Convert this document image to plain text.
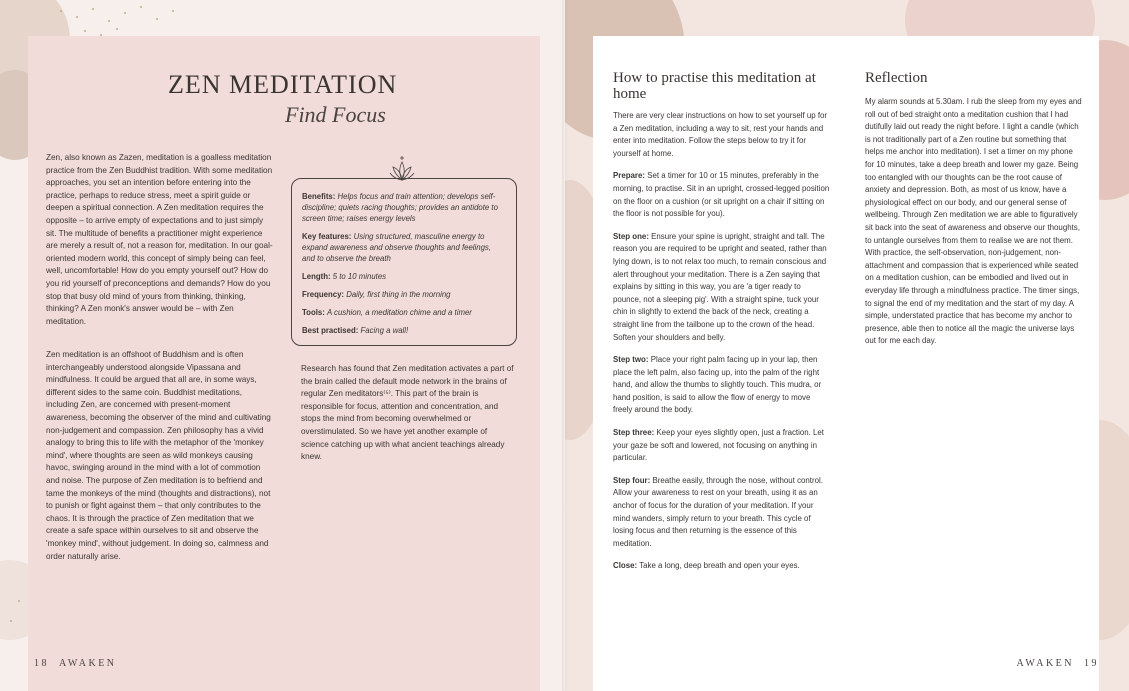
ZEN MEDITATION
Find Focus

Zen, also known as Zazen, meditation is a goalless meditation practice from the Zen Buddhist tradition. With some meditation approaches, you set an intention before entering into the practice, perhaps to reduce stress, meet a spirit guide or deepen a spiritual connection. A Zen meditation requires the opposite – to arrive empty of expectations and to just simply sit. The multitude of benefits a practitioner might experience are merely a result of, not a reason for, meditation. In our goal-oriented modern world, this concept of simply being can feel, well, uncomfortable! How do you empty yourself out? How do you rid yourself of preconceptions and demands? How do you stop that busy old mind of yours from thinking, thinking, thinking? A Zen monk's answer would be – with Zen meditation.

Zen meditation is an offshoot of Buddhism and is often interchangeably understood alongside Vipassana and mindfulness. It could be argued that all are, in some ways, different sides to the same coin. Buddhist meditations, including Zen, are concerned with present-moment awareness, becoming the observer of the mind and cultivating non-judgement and compassion. Zen philosophy has a vivid analogy to bring this to life with the metaphor of the 'monkey mind', where thoughts are seen as wild monkeys causing havoc, swinging around in the mind with a lot of commotion and noise. The purpose of Zen meditation is to befriend and tame the monkeys of the mind (thoughts and distractions), not to punish or fight against them – that only contributes to the chaos. It is through the practice of Zen meditation that we create a safe space within ourselves to sit and observe the 'monkey mind', without judgement. In doing so, calmness and order naturally arise.

Benefits: Helps focus and train attention; develops self-discipline; quiets racing thoughts; provides an antidote to screen time; raises energy levels
Key features: Using structured, masculine energy to expand awareness and observe thoughts and feelings, and to observe the breath
Length: 5 to 10 minutes
Frequency: Daily, first thing in the morning
Tools: A cushion, a meditation chime and a timer
Best practised: Facing a wall!

Research has found that Zen meditation activates a part of the brain called the default mode network in the brains of regular Zen meditators⁽⁵⁾. This part of the brain is responsible for focus, attention and concentration, and stops the mind from becoming overwhelmed or overstimulated. So we have yet another example of science catching up with what ancient teachings already knew.

18 AWAKEN
How to practise this meditation at home
Reflection

There are very clear instructions on how to set yourself up for a Zen meditation, including a way to sit, rest your hands and enter into meditation. Follow the steps below to try it for yourself at home.

Prepare: Set a timer for 10 or 15 minutes, preferably in the morning, to practise. Sit in an upright, crossed-legged position on the floor on a cushion (or sit upright on a chair if sitting on the floor is not possible for you).

Step one: Ensure your spine is upright, straight and tall. The reason you are required to be upright and seated, rather than lying down, is to not relax too much, to remain conscious and alert throughout your meditation. There is a Zen saying that explains by sitting in this way, you are 'a tiger ready to pounce, not a sleeping pig'. With a straight spine, tuck your chin in slightly to extend the back of the neck, creating a straight line from the tailbone up to the crown of the head. Soften your shoulders and belly.

Step two: Place your right palm facing up in your lap, then place the left palm, also facing up, into the palm of the right hand, and allow the thumbs to slightly touch. This mudra, or hand position, is said to allow the flow of energy to move freely around the body.

Step three: Keep your eyes slightly open, just a fraction. Let your gaze be soft and lowered, not focusing on anything in particular.

Step four: Breathe easily, through the nose, without control. Allow your awareness to rest on your breath, using it as an anchor of focus for the duration of your meditation. If your mind wanders, simply return to your breath. This cycle of losing focus and then returning is the essence of this meditation.

Close: Take a long, deep breath and open your eyes.

My alarm sounds at 5.30am. I rub the sleep from my eyes and roll out of bed straight onto a meditation cushion that I had dutifully laid out ready the night before. I light a candle (which is not traditionally part of a Zen routine but something that helps me anchor into meditation). I set a timer on my phone for 10 minutes, take a deep breath and lower my gaze. Being too entangled with our thoughts can be the root cause of anxiety and depression. Both, as most of us know, have a physiological effect on our body, and our general sense of wellbeing. Through Zen meditation we are able to figuratively sit back into the seat of awareness and observe our thoughts, to untangle ourselves from them to realise we are not them. With practice, the self-observation, non-judgement, non-attachment and compassion that is experienced while seated on a meditation cushion, can be embodied and lived out in everyday life through a mindfulness practice. The timer sings, to signal the end of my meditation and the start of my day. A simple, understated practice that has become my anchor to presence, able then to notice all the magic the universe lays out for me each day.

AWAKEN 19
